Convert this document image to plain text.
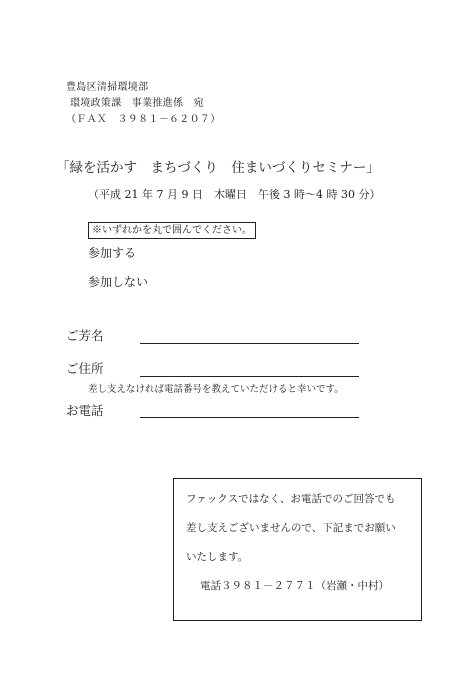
豊島区清掃環境部
環境政策課　事業推進係　宛
（ＦＡＸ　３９８１－６２０７）
「緑を活かす　まちづくり　住まいづくりセミナー」
（平成 21 年 7 月 9 日　木曜日　午後 3 時～4 時 30 分）
※いずれかを丸で囲んでください。
参加する
参加しない
ご芳名
ご住所
差し支えなければ電話番号を教えていただけると幸いです。
お電話
ファックスではなく、お電話でのご回答でも
差し支えございませんので、下記までお願い
いたします。
電話３９８１－２７７１（岩瀬・中村）
